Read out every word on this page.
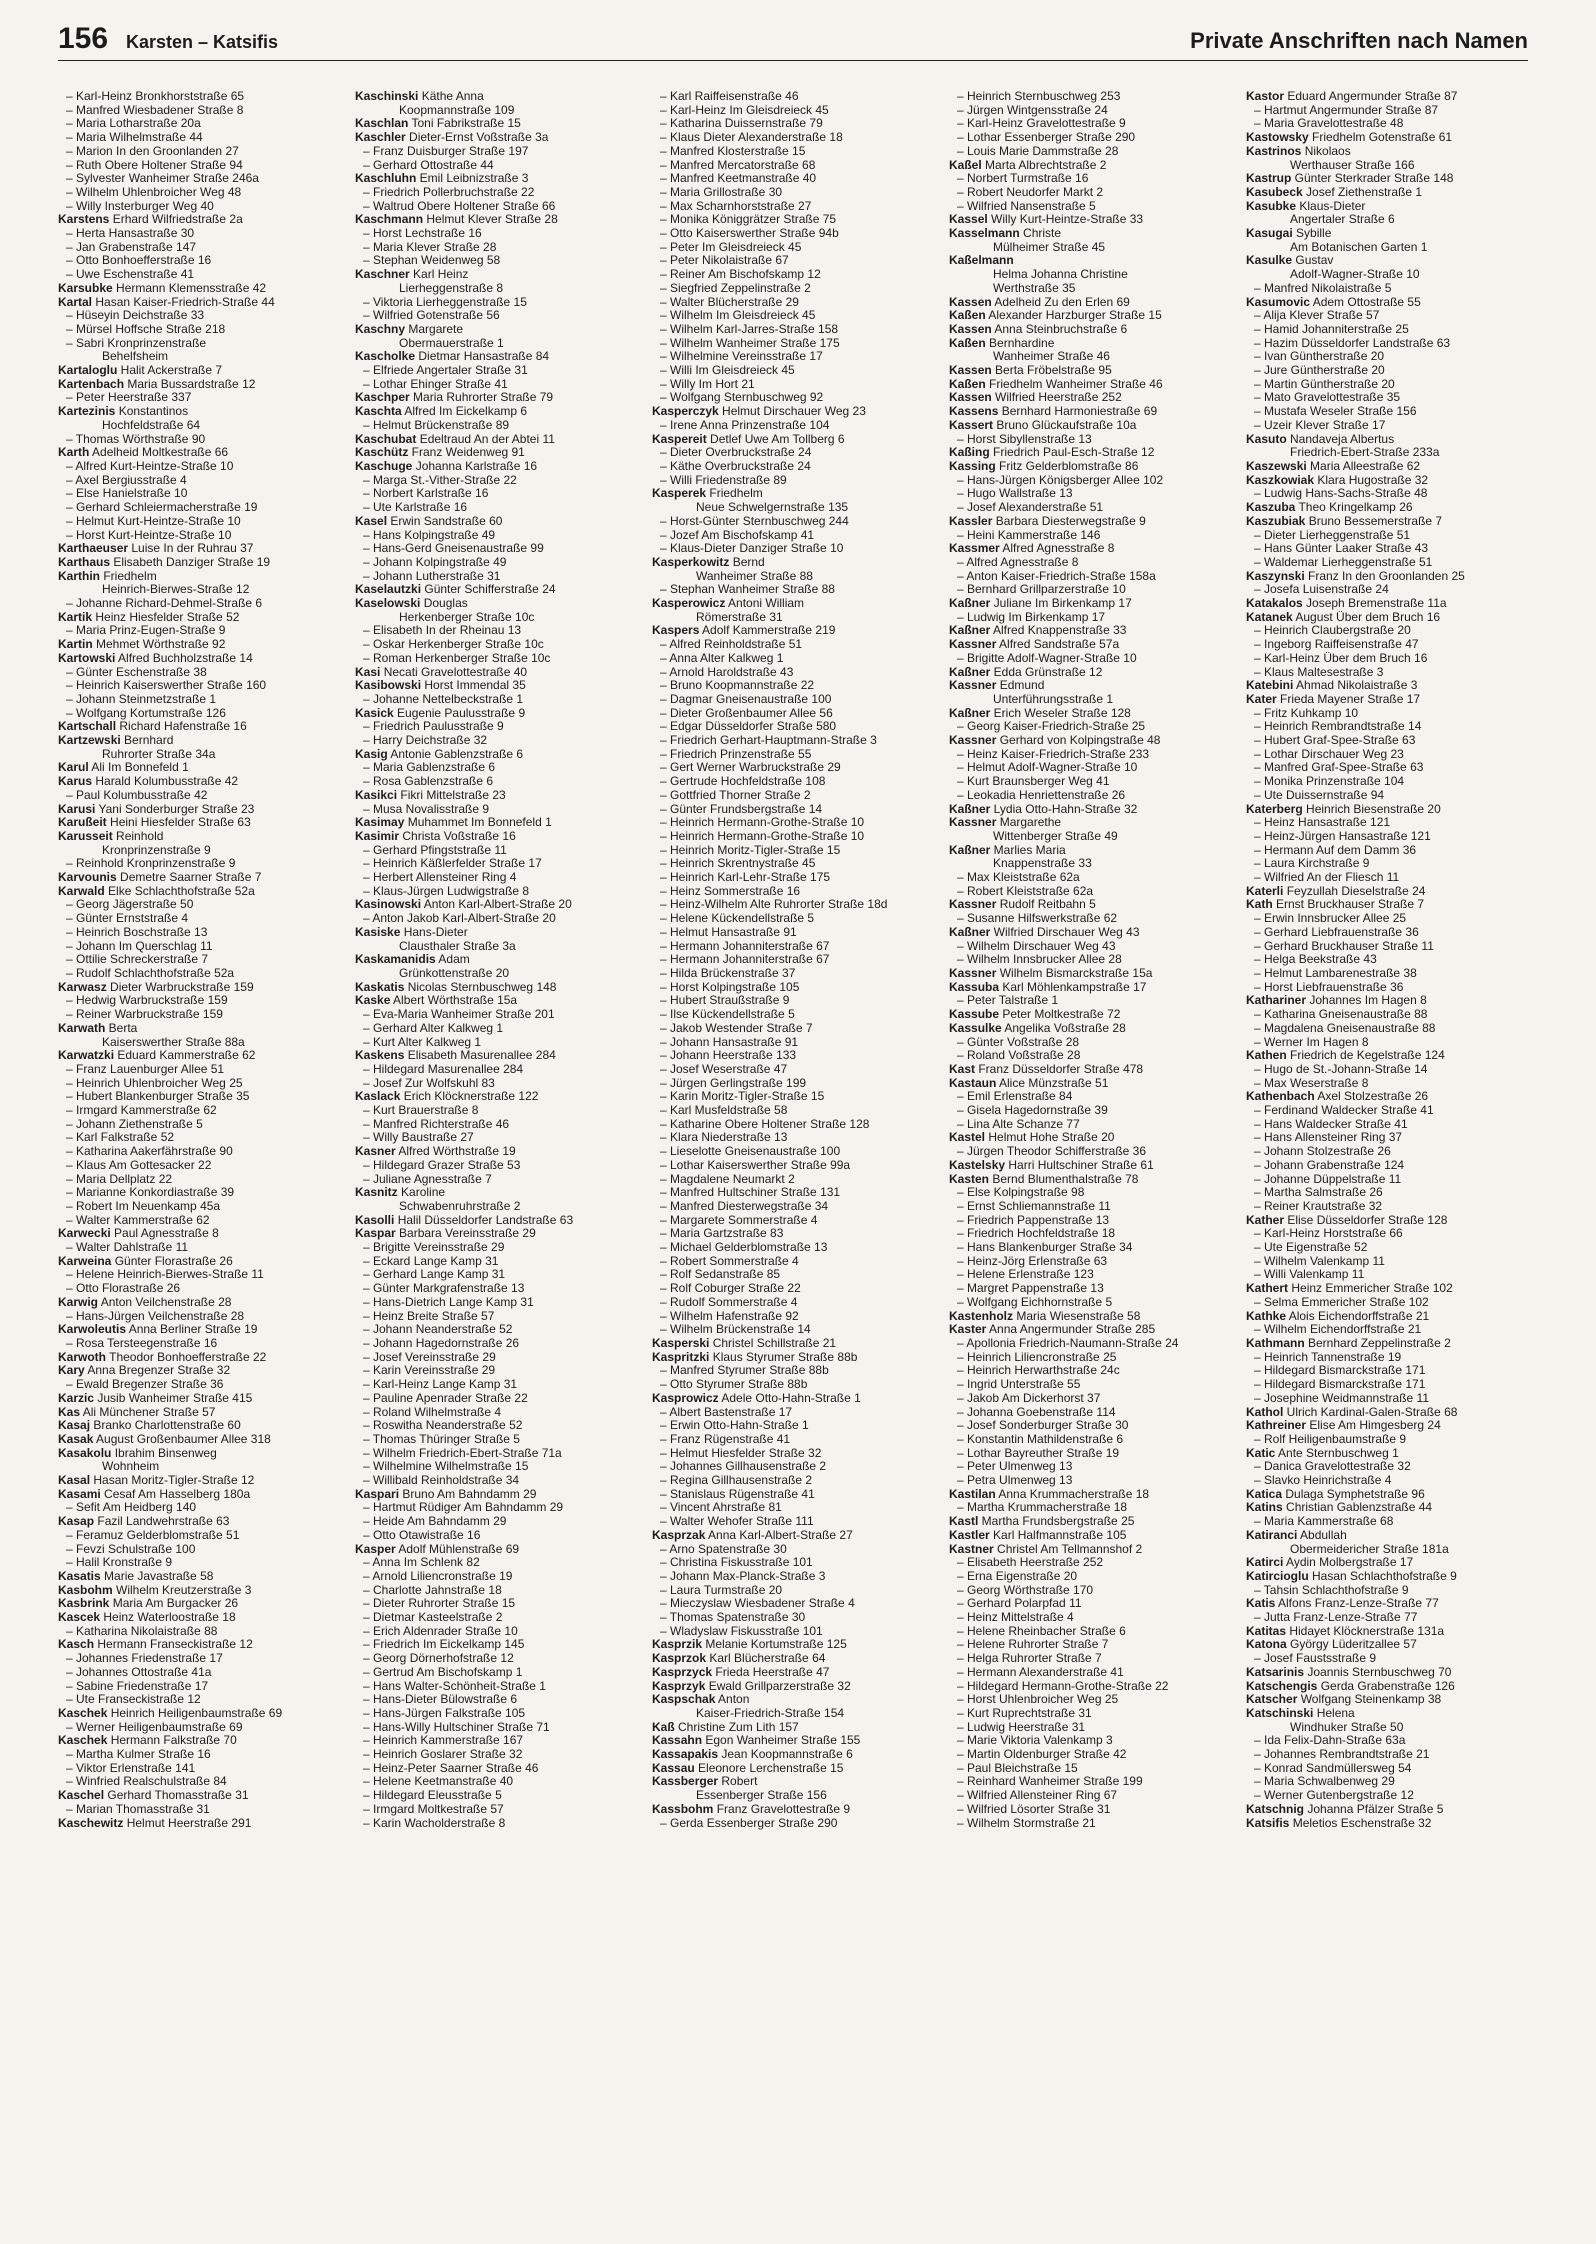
156 Karsten – Katsifis	Private Anschriften nach Namen
– Karl-Heinz Bronkhorststraße 65
– Manfred Wiesbadener Straße 8
– Maria Lotharstraße 20a
– Maria Wilhelmstraße 44
– Marion In den Groonlanden 27
– Ruth Obere Holtener Straße 94
– Sylvester Wanheimer Straße 246a
– Wilhelm Uhlenbroicher Weg 48
– Willy Insterburger Weg 40
Karstens Erhard Wilfriedstraße 2a
– Herta Hansastraße 30
– Jan Grabenstraße 147
– Otto Bonhoefferstraße 16
– Uwe Eschenstraße 41
Karsubke Hermann Klemensstraße 42
Kartal Hasan Kaiser-Friedrich-Straße 44
– Hüseyin Deichstraße 33
– Mürsel Hoffsche Straße 218
– Sabri Kronprinzenstraße
Behelfsheim
Kartaloglu Halit Ackerstraße 7
Kartenbach Maria Bussardstraße 12
– Peter Heerstraße 337
Kartezinis Konstantinos
Hochfeldstraße 64
– Thomas Wörthstraße 90
Karth Adelheid Moltkestraße 66
– Alfred Kurt-Heintze-Straße 10
– Axel Bergiusstraße 4
– Else Hanielstraße 10
– Gerhard Schleiermacherstraße 19
– Helmut Kurt-Heintze-Straße 10
– Horst Kurt-Heintze-Straße 10
Karthaeuser Luise In der Ruhrau 37
Karthaus Elisabeth Danziger Straße 19
Karthin Friedhelm
Heinrich-Bierwes-Straße 12
– Johanne Richard-Dehmel-Straße 6
Kartik Heinz Hiesfelder Straße 52
– Maria Prinz-Eugen-Straße 9
Kartin Mehmet Wörthstraße 92
Kartowski Alfred Buchholzstraße 14
– Günter Eschenstraße 38
– Heinrich Kaiserswerther Straße 160
– Johann Steinmetzstraße 1
– Wolfgang Kortumstraße 126
Kartschall Richard Hafenstraße 16
Kartzewski Bernhard
Ruhrorter Straße 34a
Karul Ali Im Bonnefeld 1
Karus Harald Kolumbusstraße 42
– Paul Kolumbusstraße 42
Karusi Yani Sonderburger Straße 23
Karußeit Heini Hiesfelder Straße 63
Karusseit Reinhold
Kronprinzenstraße 9
– Reinhold Kronprinzenstraße 9
Karvounis Demetre Saarner Straße 7
Karwald Elke Schlachthofstraße 52a
– Georg Jägerstraße 50
– Günter Ernststraße 4
– Heinrich Boschstraße 13
– Johann Im Querschlag 11
– Ottilie Schreckerstraße 7
– Rudolf Schlachthofstraße 52a
Karwasz Dieter Warbruckstraße 159
– Hedwig Warbruckstraße 159
– Reiner Warbruckstraße 159
Karwath Berta
Kaiserswerther Straße 88a
Karwatzki Eduard Kammerstraße 62
– Franz Lauenburger Allee 51
– Heinrich Uhlenbroicher Weg 25
– Hubert Blankenburger Straße 35
– Irmgard Kammerstraße 62
– Johann Ziethenstraße 5
– Karl Falkstraße 52
– Katharina Aakerfährstraße 90
– Klaus Am Gottesacker 22
– Maria Dellplatz 22
– Marianne Konkordiastraße 39
– Robert Im Neuenkamp 45a
– Walter Kammerstraße 62
Karwecki Paul Agnesstraße 8
– Walter Dahlstraße 11
Karweina Günter Florastraße 26
– Helene Heinrich-Bierwes-Straße 11
– Otto Florastraße 26
Karwig Anton Veilchenstraße 28
– Hans-Jürgen Veilchenstraße 28
Karwoleutis Anna Berliner Straße 19
– Rosa Tersteegenstraße 16
Karwoth Theodor Bonhoefferstraße 22
Kary Anna Bregenzer Straße 32
– Ewald Bregenzer Straße 36
Karzic Jusib Wanheimer Straße 415
Kas Ali Münchener Straße 57
Kasaj Branko Charlottenstraße 60
Kasak August Großenbaumer Allee 318
Kasakolu Ibrahim Binsenweg
Wohnheim
Kasal Hasan Moritz-Tigler-Straße 12
Kasami Cesaf Am Hasselberg 180a
– Sefit Am Heidberg 140
Kasap Fazil Landwehrstraße 63
– Feramuz Gelderblomstraße 51
– Fevzi Schulstraße 100
– Halil Kronstraße 9
Kasatis Marie Javastraße 58
Kasbohm Wilhelm Kreutzerstraße 3
Kasbrink Maria Am Burgacker 26
Kascek Heinz Waterloostraße 18
– Katharina Nikolaistraße 88
Kasch Hermann Franseckistraße 12
– Johannes Friedenstraße 17
– Johannes Ottostraße 41a
– Sabine Friedenstraße 17
– Ute Franseckistraße 12
Kaschek Heinrich Heiligenbaumstraße 69
– Werner Heiligenbaumstraße 69
Kaschek Hermann Falkstraße 70
– Martha Kulmer Straße 16
– Viktor Erlenstraße 141
– Winfried Realschulstraße 84
Kaschel Gerhard Thomasstraße 31
– Marian Thomasstraße 31
Kaschewitz Helmut Heerstraße 291
Kaschinski Käthe Anna
Koopmannstraße 109
Kaschlan Toni Fabrikstraße 15
Kaschler Dieter-Ernst Voßstraße 3a
– Franz Duisburger Straße 197
– Gerhard Ottostraße 44
Kaschluhn Emil Leibnizstraße 3
– Friedrich Pollerbruchstraße 22
– Waltrud Obere Holtener Straße 66
Kaschmann Helmut Klever Straße 28
– Horst Lechstraße 16
– Maria Klever Straße 28
– Stephan Weidenweg 58
Kaschner Karl Heinz
Lierheggenstraße 8
– Viktoria Lierheggenstraße 15
– Wilfried Gotenstraße 56
Kaschny Margarete
Obermauerstraße 1
Kascholke Dietmar Hansastraße 84
– Elfriede Angertaler Straße 31
– Lothar Ehinger Straße 41
Kaschper Maria Ruhrorter Straße 79
Kaschta Alfred Im Eickelkamp 6
– Helmut Brückenstraße 89
Kaschubat Edeltraud An der Abtei 11
Kaschütz Franz Weidenweg 91
Kaschuge Johanna Karlstraße 16
– Marga St.-Vither-Straße 22
– Norbert Karlstraße 16
– Ute Karlstraße 16
Kasel Erwin Sandstraße 60
– Hans Kolpingstraße 49
– Hans-Gerd Gneisenaustraße 99
– Johann Kolpingstraße 49
– Johann Lutherstraße 31
Kaselautzki Günter Schifferstraße 24
Kaselowski Douglas
Herkenberger Straße 10c
– Elisabeth In der Rheinau 13
– Oskar Herkenberger Straße 10c
– Roman Herkenberger Straße 10c
Kasi Necati Gravelottestraße 40
Kasibowski Horst Immendal 35
– Johanne Nettelbeckstraße 1
Kasick Eugenie Paulusstraße 9
– Friedrich Paulusstraße 9
– Harry Deichstraße 32
Kasig Antonie Gablenzstraße 6
– Maria Gablenzstraße 6
– Rosa Gablenzstraße 6
Kasikci Fikri Mittelstraße 23
– Musa Novalisstraße 9
Kasimay Muhammet Im Bonnefeld 1
Kasimir Christa Voßstraße 16
– Gerhard Pfingststraße 11
– Heinrich Käßlerfelder Straße 17
– Herbert Allensteiner Ring 4
– Klaus-Jürgen Ludwigstraße 8
Kasinowski Anton Karl-Albert-Straße 20
– Anton Jakob Karl-Albert-Straße 20
Kasiske Hans-Dieter
Clausthaler Straße 3a
Kaskamanidis Adam
Grünkottenstraße 20
Kaskatis Nicolas Sternbuschweg 148
Kaske Albert Wörthstraße 15a
– Eva-Maria Wanheimer Straße 201
– Gerhard Alter Kalkweg 1
– Kurt Alter Kalkweg 1
Kaskens Elisabeth Masurenallee 284
– Hildegard Masurenallee 284
– Josef Zur Wolfskuhl 83
Kaslack Erich Klöcknerstraße 122
– Kurt Brauerstraße 8
– Manfred Richterstraße 46
– Willy Baustraße 27
Kasner Alfred Wörthstraße 19
– Hildegard Grazer Straße 53
– Juliane Agnesstraße 7
Kasnitz Karoline
Schwabenruhrstraße 2
Kasolli Halil Düsseldorfer Landstraße 63
Kaspar Barbara Vereinsstraße 29
– Brigitte Vereinsstraße 29
– Eckard Lange Kamp 31
– Gerhard Lange Kamp 31
– Günter Markgrafenstraße 13
– Hans-Dietrich Lange Kamp 31
– Heinz Breite Straße 57
– Johann Neanderstraße 52
– Johann Hagedornstraße 26
– Josef Vereinsstraße 29
– Karin Vereinsstraße 29
– Karl-Heinz Lange Kamp 31
– Pauline Apenrader Straße 22
– Roland Wilhelmstraße 4
– Roswitha Neanderstraße 52
– Thomas Thüringer Straße 5
– Wilhelm Friedrich-Ebert-Straße 71a
– Wilhelmine Wilhelmstraße 15
– Willibald Reinholdstraße 34
Kaspari Bruno Am Bahndamm 29
– Hartmut Rüdiger Am Bahndamm 29
– Heide Am Bahndamm 29
– Otto Otawistraße 16
Kasper Adolf Mühlenstraße 69
– Anna Im Schlenk 82
– Arnold Liliencronstraße 19
– Charlotte Jahnstraße 18
– Dieter Ruhrorter Straße 15
– Dietmar Kasteelstraße 2
– Erich Aldenrader Straße 10
– Friedrich Im Eickelkamp 145
– Georg Dörnerhofstraße 12
– Gertrud Am Bischofskamp 1
– Hans Walter-Schönheit-Straße 1
– Hans-Dieter Bülowstraße 6
– Hans-Jürgen Falkstraße 105
– Hans-Willy Hultschiner Straße 71
– Heinrich Kammerstraße 167
– Heinrich Goslarer Straße 32
– Heinz-Peter Saarner Straße 46
– Helene Keetmanstraße 40
– Hildegard Eleusstraße 5
– Irmgard Moltkestraße 57
– Karin Wacholderstraße 8
– Karl Raiffeisenstraße 46
– Karl-Heinz Im Gleisdreieck 45
– Katharina Duissernstraße 79
– Klaus Dieter Alexanderstraße 18
– Manfred Klosterstraße 15
– Manfred Mercatorstraße 68
– Manfred Keetmanstraße 40
– Maria Grillostraße 30
– Max Scharnhorststraße 27
– Monika Königgrätzer Straße 75
– Otto Kaiserswerther Straße 94b
– Peter Im Gleisdreieck 45
– Peter Nikolaistraße 67
– Reiner Am Bischofskamp 12
– Siegfried Zeppelinstraße 2
– Walter Blücherstraße 29
– Wilhelm Im Gleisdreieck 45
– Wilhelm Karl-Jarres-Straße 158
– Wilhelm Wanheimer Straße 175
– Wilhelmine Vereinsstraße 17
– Willi Im Gleisdreieck 45
– Willy Im Hort 21
– Wolfgang Sternbuschweg 92
Kasperczyk Helmut Dirschauer Weg 23
– Irene Anna Prinzenstraße 104
Kaspereit Detlef Uwe Am Tollberg 6
– Dieter Overbruckstraße 24
– Käthe Overbruckstraße 24
– Willi Friedenstraße 89
Kasperek Friedhelm
Neue Schwelgernstraße 135
– Horst-Günter Sternbuschweg 244
– Jozef Am Bischofskamp 41
– Klaus-Dieter Danziger Straße 10
Kasperkowitz Bernd
Wanheimer Straße 88
– Stephan Wanheimer Straße 88
Kasperowicz Antoni William
Römerstraße 31
Kaspers Adolf Kammerstraße 219
– Alfred Reinholdstraße 51
– Anna Alter Kalkweg 1
– Arnold Haroldstraße 43
– Bruno Koopmannstraße 22
– Dagmar Gneisenaustraße 100
– Dieter Großenbaumer Allee 56
– Edgar Düsseldorfer Straße 580
– Friedrich Gerhart-Hauptmann-Straße 3
– Friedrich Prinzenstraße 55
– Gert Werner Warbruckstraße 29
– Gertrude Hochfeldstraße 108
– Gottfried Thorner Straße 2
– Günter Frundsbergstraße 14
– Heinrich Hermann-Grothe-Straße 10
– Heinrich Hermann-Grothe-Straße 10
– Heinrich Moritz-Tigler-Straße 15
– Heinrich Skrentnystraße 45
– Heinrich Karl-Lehr-Straße 175
– Heinz Sommerstraße 16
– Heinz-Wilhelm Alte Ruhrorter Straße 18d
– Helene Kückendellstraße 5
– Helmut Hansastraße 91
– Hermann Johanniterstraße 67
– Hermann Johanniterstraße 67
– Hilda Brückenstraße 37
– Horst Kolpingstraße 105
– Hubert Straußstraße 9
– Ilse Kückendellstraße 5
– Jakob Westender Straße 7
– Johann Hansastraße 91
– Johann Heerstraße 133
– Josef Weserstraße 47
– Jürgen Gerlingstraße 199
– Karin Moritz-Tigler-Straße 15
– Karl Musfeldstraße 58
– Katharine Obere Holtener Straße 128
– Klara Niederstraße 13
– Lieselotte Gneisenaustraße 100
– Lothar Kaiserswerther Straße 99a
– Magdalene Neumarkt 2
– Manfred Hultschiner Straße 131
– Manfred Diesterwegstraße 34
– Margarete Sommerstraße 4
– Maria Gartzstraße 83
– Michael Gelderblomstraße 13
– Robert Sommerstraße 4
– Rolf Sedanstraße 85
– Rolf Coburger Straße 22
– Rudolf Sommerstraße 4
– Wilhelm Hafenstraße 92
– Wilhelm Brückenstraße 14
Kasperski Christel Schillstraße 21
Kaspritzki Klaus Styrumer Straße 88b
– Manfred Styrumer Straße 88b
– Otto Styrumer Straße 88b
Kasprowicz Adele Otto-Hahn-Straße 1
– Albert Bastenstraße 17
– Erwin Otto-Hahn-Straße 1
– Franz Rügenstraße 41
– Helmut Hiesfelder Straße 32
– Johannes Gillhausenstraße 2
– Regina Gillhausenstraße 2
– Stanislaus Rügenstraße 41
– Vincent Ahrstraße 81
– Walter Wehofer Straße 111
Kasprzak Anna Karl-Albert-Straße 27
– Arno Spatenstraße 30
– Christina Fiskusstraße 101
– Johann Max-Planck-Straße 3
– Laura Turmstraße 20
– Mieczyslaw Wiesbadener Straße 4
– Thomas Spatenstraße 30
– Wladyslaw Fiskusstraße 101
Kasprzik Melanie Kortumstraße 125
Kasprzok Karl Blücherstraße 64
Kasprzyck Frieda Heerstraße 47
Kasprzyk Ewald Grillparzerstraße 32
Kaspschak Anton
Kaiser-Friedrich-Straße 154
Kaß Christine Zum Lith 157
Kassahn Egon Wanheimer Straße 155
Kassapakis Jean Koopmannstraße 6
Kassau Eleonore Lerchenstraße 15
Kassberger Robert
Essenberger Straße 156
Kassbohm Franz Gravelottestraße 9
– Gerda Essenberger Straße 290
– Heinrich Sternbuschweg 253
– Jürgen Wintgensstraße 24
– Karl-Heinz Gravelottestraße 9
– Lothar Essenberger Straße 290
– Louis Marie Dammstraße 28
Kaßel Marta Albrechtstraße 2
– Norbert Turmstraße 16
– Robert Neudorfer Markt 2
– Wilfried Nansenstraße 5
Kassel Willy Kurt-Heintze-Straße 33
Kasselmann Christe
Mülheimer Straße 45
Kaßelmann
Helma Johanna Christine
Werthstraße 35
Kassen Adelheid Zu den Erlen 69
Kaßen Alexander Harzburger Straße 15
Kassen Anna Steinbruchstraße 6
Kaßen Bernhardine
Wanheimer Straße 46
Kassen Berta Fröbelstraße 95
Kaßen Friedhelm Wanheimer Straße 46
Kassen Wilfried Heerstraße 252
Kassens Bernhard Harmoniestraße 69
Kassert Bruno Glückaufstraße 10a
– Horst Sibyllenstraße 13
Kaßing Friedrich Paul-Esch-Straße 12
Kassing Fritz Gelderblomstraße 86
– Hans-Jürgen Königsberger Allee 102
– Hugo Wallstraße 13
– Josef Alexanderstraße 51
Kassler Barbara Diesterwegstraße 9
– Heini Kammerstraße 146
Kassmer Alfred Agnesstraße 8
– Alfred Agnesstraße 8
– Anton Kaiser-Friedrich-Straße 158a
– Bernhard Grillparzerstraße 10
Kaßner Juliane Im Birkenkamp 17
– Ludwig Im Birkenkamp 17
Kaßner Alfred Knappenstraße 33
Kassner Alfred Sandstraße 57a
– Brigitte Adolf-Wagner-Straße 10
Kaßner Edda Grünstraße 12
Kassner Edmund
Unterführungsstraße 1
Kaßner Erich Weseler Straße 128
– Georg Kaiser-Friedrich-Straße 25
Kassner Gerhard von Kolpingstraße 48
– Heinz Kaiser-Friedrich-Straße 233
– Helmut Adolf-Wagner-Straße 10
– Kurt Braunsberger Weg 41
– Leokadia Henriettenstraße 26
Kaßner Lydia Otto-Hahn-Straße 32
Kassner Margarethe
Wittenberger Straße 49
Kaßner Marlies Maria
Knappenstraße 33
– Max Kleiststraße 62a
– Robert Kleiststraße 62a
Kassner Rudolf Reitbahn 5
– Susanne Hilfswerkstraße 62
Kaßner Wilfried Dirschauer Weg 43
– Wilhelm Dirschauer Weg 43
– Wilhelm Innsbrucker Allee 28
Kassner Wilhelm Bismarckstraße 15a
Kassuba Karl Möhlenkampstraße 17
– Peter Talstraße 1
Kassube Peter Moltkestraße 72
Kassulke Angelika Voßstraße 28
– Günter Voßstraße 28
– Roland Voßstraße 28
Kast Franz Düsseldorfer Straße 478
Kastaun Alice Münzstraße 51
– Emil Erlenstraße 84
– Gisela Hagedornstraße 39
– Lina Alte Schanze 77
Kastel Helmut Hohe Straße 20
– Jürgen Theodor Schifferstraße 36
Kastelsky Harri Hultschiner Straße 61
Kasten Bernd Blumenthalstraße 78
– Else Kolpingstraße 98
– Ernst Schliemannstraße 11
– Friedrich Pappenstraße 13
– Friedrich Hochfeldstraße 18
– Hans Blankenburger Straße 34
– Heinz-Jörg Erlenstraße 63
– Helene Erlenstraße 123
– Margret Pappenstraße 13
– Wolfgang Eichhornstraße 5
Kastenholz Maria Wiesenstraße 58
Kaster Anna Angermunder Straße 285
– Apollonia Friedrich-Naumann-Straße 24
– Heinrich Liliencronstraße 25
– Heinrich Herwarthstraße 24c
– Ingrid Unterstraße 55
– Jakob Am Dickerhorst 37
– Johanna Goebenstraße 114
– Josef Sonderburger Straße 30
– Konstantin Mathildenstraße 6
– Lothar Bayreuther Straße 19
– Peter Ulmenweg 13
– Petra Ulmenweg 13
Kastilan Anna Krummacherstraße 18
– Martha Krummacherstraße 18
Kastl Martha Frundsbergstraße 25
Kastler Karl Halfmannstraße 105
Kastner Christel Am Tellmannshof 2
– Elisabeth Heerstraße 252
– Erna Eigenstraße 20
– Georg Wörthstraße 170
– Gerhard Polarpfad 11
– Heinz Mittelstraße 4
– Helene Rheinbacher Straße 6
– Helene Ruhrorter Straße 7
– Helga Ruhrorter Straße 7
– Hermann Alexanderstraße 41
– Hildegard Hermann-Grothe-Straße 22
– Horst Uhlenbroicher Weg 25
– Kurt Ruprechtstraße 31
– Ludwig Heerstraße 31
– Marie Viktoria Valenkamp 3
– Martin Oldenburger Straße 42
– Paul Bleichstraße 15
– Reinhard Wanheimer Straße 199
– Wilfried Allensteiner Ring 67
– Wilfried Lösorter Straße 31
– Wilhelm Stormstraße 21
Kastor Eduard Angermunder Straße 87
– Hartmut Angermunder Straße 87
– Maria Gravelottestraße 48
Kastowsky Friedhelm Gotenstraße 61
Kastrinos Nikolaos
Werthauser Straße 166
Kastrup Günter Sterkrader Straße 148
Kasubeck Josef Ziethenstraße 1
Kasubke Klaus-Dieter
Angertaler Straße 6
Kasugai Sybille
Am Botanischen Garten 1
Kasulke Gustav
Adolf-Wagner-Straße 10
– Manfred Nikolaistraße 5
Kasumovic Adem Ottostraße 55
– Alija Klever Straße 57
– Hamid Johanniterstraße 25
– Hazim Düsseldorfer Landstraße 63
– Ivan Güntherstraße 20
– Jure Güntherstraße 20
– Martin Güntherstraße 20
– Mato Gravelottestraße 35
– Mustafa Weseler Straße 156
– Uzeir Klever Straße 17
Kasuto Nandaveja Albertus
Friedrich-Ebert-Straße 233a
Kaszewski Maria Alleestraße 62
Kaszkowiak Klara Hugostraße 32
– Ludwig Hans-Sachs-Straße 48
Kaszuba Theo Kringelkamp 26
Kaszubiak Bruno Bessemerstraße 7
– Dieter Lierheggenstraße 51
– Hans Günter Laaker Straße 43
– Waldemar Lierheggenstraße 51
Kaszynski Franz In den Groonlanden 25
– Josefa Luisenstraße 24
Katakalos Joseph Bremenstraße 11a
Katanek August Über dem Bruch 16
– Heinrich Claubergstraße 20
– Ingeborg Raiffeisenstraße 47
– Karl-Heinz Über dem Bruch 16
– Klaus Maltesestraße 3
Katebini Ahmad Nikolaistraße 3
Kater Frieda Mayener Straße 17
– Fritz Kuhkamp 10
– Heinrich Rembrandtstraße 14
– Hubert Graf-Spee-Straße 63
– Lothar Dirschauer Weg 23
– Manfred Graf-Spee-Straße 63
– Monika Prinzenstraße 104
– Ute Duissernstraße 94
Katerberg Heinrich Biesenstraße 20
– Heinz Hansastraße 121
– Heinz-Jürgen Hansastraße 121
– Hermann Auf dem Damm 36
– Laura Kirchstraße 9
– Wilfried An der Fliesch 11
Katerli Feyzullah Dieselstraße 24
Kath Ernst Bruckhauser Straße 7
– Erwin Innsbrucker Allee 25
– Gerhard Liebfrauenstraße 36
– Gerhard Bruckhauser Straße 11
– Helga Beekstraße 43
– Helmut Lambarenestraße 38
– Horst Liebfrauenstraße 36
Kathariner Johannes Im Hagen 8
– Katharina Gneisenaustraße 88
– Magdalena Gneisenaustraße 88
– Werner Im Hagen 8
Kathen Friedrich de Kegelstraße 124
– Hugo de St.-Johann-Straße 14
– Max Weserstraße 8
Kathenbach Axel Stolzestraße 26
– Ferdinand Waldecker Straße 41
– Hans Waldecker Straße 41
– Hans Allensteiner Ring 37
– Johann Stolzestraße 26
– Johann Grabenstraße 124
– Johanne Düppelstraße 11
– Martha Salmstraße 26
– Reiner Krautstraße 32
Kather Elise Düsseldorfer Straße 128
– Karl-Heinz Horststraße 66
– Ute Eigenstraße 52
– Wilhelm Valenkamp 11
– Willi Valenkamp 11
Kathert Heinz Emmericher Straße 102
– Selma Emmericher Straße 102
Kathke Alois Eichendorffstraße 21
– Wilhelm Eichendorffstraße 21
Kathmann Bernhard Zeppelinstraße 2
– Heinrich Tannenstraße 19
– Hildegard Bismarckstraße 171
– Hildegard Bismarckstraße 171
– Josephine Weidmannstraße 11
Kathol Ulrich Kardinal-Galen-Straße 68
Kathreiner Elise Am Himgesberg 24
– Rolf Heiligenbaumstraße 9
Katic Ante Sternbuschweg 1
– Danica Gravelottestraße 32
– Slavko Heinrichstraße 4
Katica Dulaga Symphetstraße 96
Katins Christian Gablenzstraße 44
– Maria Kammerstraße 68
Katiranci Abdullah
Obermeidericher Straße 181a
Katirci Aydin Molbergstraße 17
Katircioglu Hasan Schlachthofstraße 9
– Tahsin Schlachthofstraße 9
Katis Alfons Franz-Lenze-Straße 77
– Jutta Franz-Lenze-Straße 77
Katitas Hidayet Klöcknerstraße 131a
Katona György Lüderitzallee 57
– Josef Faustsstraße 9
Katsarinis Joannis Sternbuschweg 70
Katschengis Gerda Grabenstraße 126
Katscher Wolfgang Steinenkamp 38
Katschinski Helena
Windhuker Straße 50
– Ida Felix-Dahn-Straße 63a
– Johannes Rembrandtstraße 21
– Konrad Sandmüllersweg 54
– Maria Schwalbenweg 29
– Werner Gutenbergstraße 12
Katschnig Johanna Pfälzer Straße 5
Katsifis Meletios Eschenstraße 32
